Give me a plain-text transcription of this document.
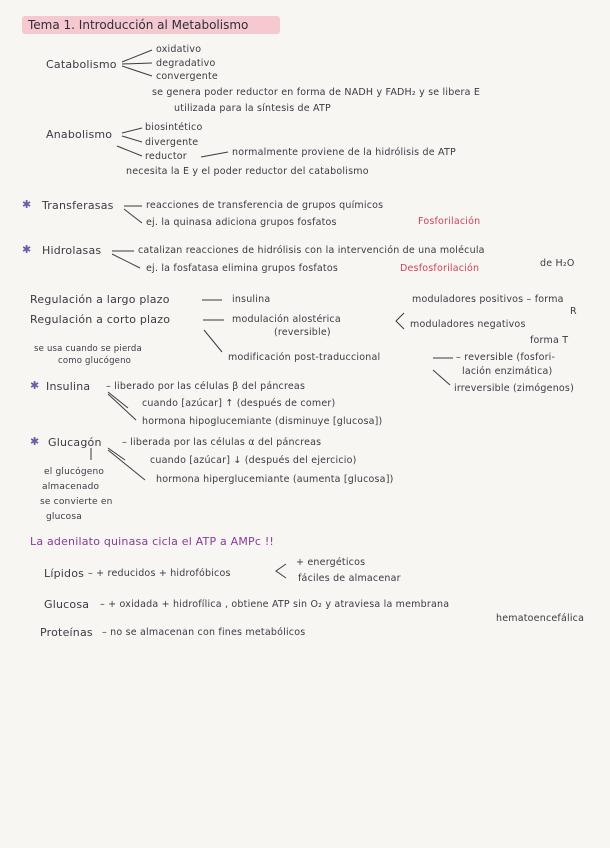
Tema 1. Introducción al Metabolismo
Catabolismo
oxidativo
degradativo
convergente
se genera poder reductor en forma de NADH y FADH₂ y se libera E
utilizada para la síntesis de ATP
Anabolismo
biosintético
divergente
reductor	normalmente proviene de la hidrólisis de ATP
necesita la E y el poder reductor del catabolismo
✱ Transferasas	reacciones de transferencia de grupos químicos
ej. la quinasa adiciona grupos fosfatos	Fosforilación
✱ Hidrolasas	catalizan reacciones de hidrólisis con la intervención de una molécula
de H₂O
ej. la fosfatasa elimina grupos fosfatos	Desfosforilación
Regulación a largo plazo	insulina
Regulación a corto plazo	modulación alostérica
(reversible)
moduladores positivos – forma
R
moduladores negativos
forma T
modificación post-traduccional	– reversible (fosfori-
lación enzimática)
irreversible (zimógenos)
se usa cuando se pierda
como glucógeno
✱ Insulina – liberado por las células β del páncreas
cuando [azúcar] ↑ (después de comer)
hormona hipoglucemiante (disminuye [glucosa])
✱ Glucagón – liberada por las células α del páncreas
cuando [azúcar] ↓ (después del ejercicio)
hormona hiperglucemiante (aumenta [glucosa])
el glucógeno
almacenado
se convierte en
glucosa
La adenilato quinasa cicla el ATP a AMPc !!
Lípidos – + reducidos + hidrofóbicos
+ energéticos
fáciles de almacenar
Glucosa – + oxidada + hidrofílica , obtiene ATP sin O₂ y atraviesa la membrana
hematoencefálica
Proteínas – no se almacenan con fines metabólicos
